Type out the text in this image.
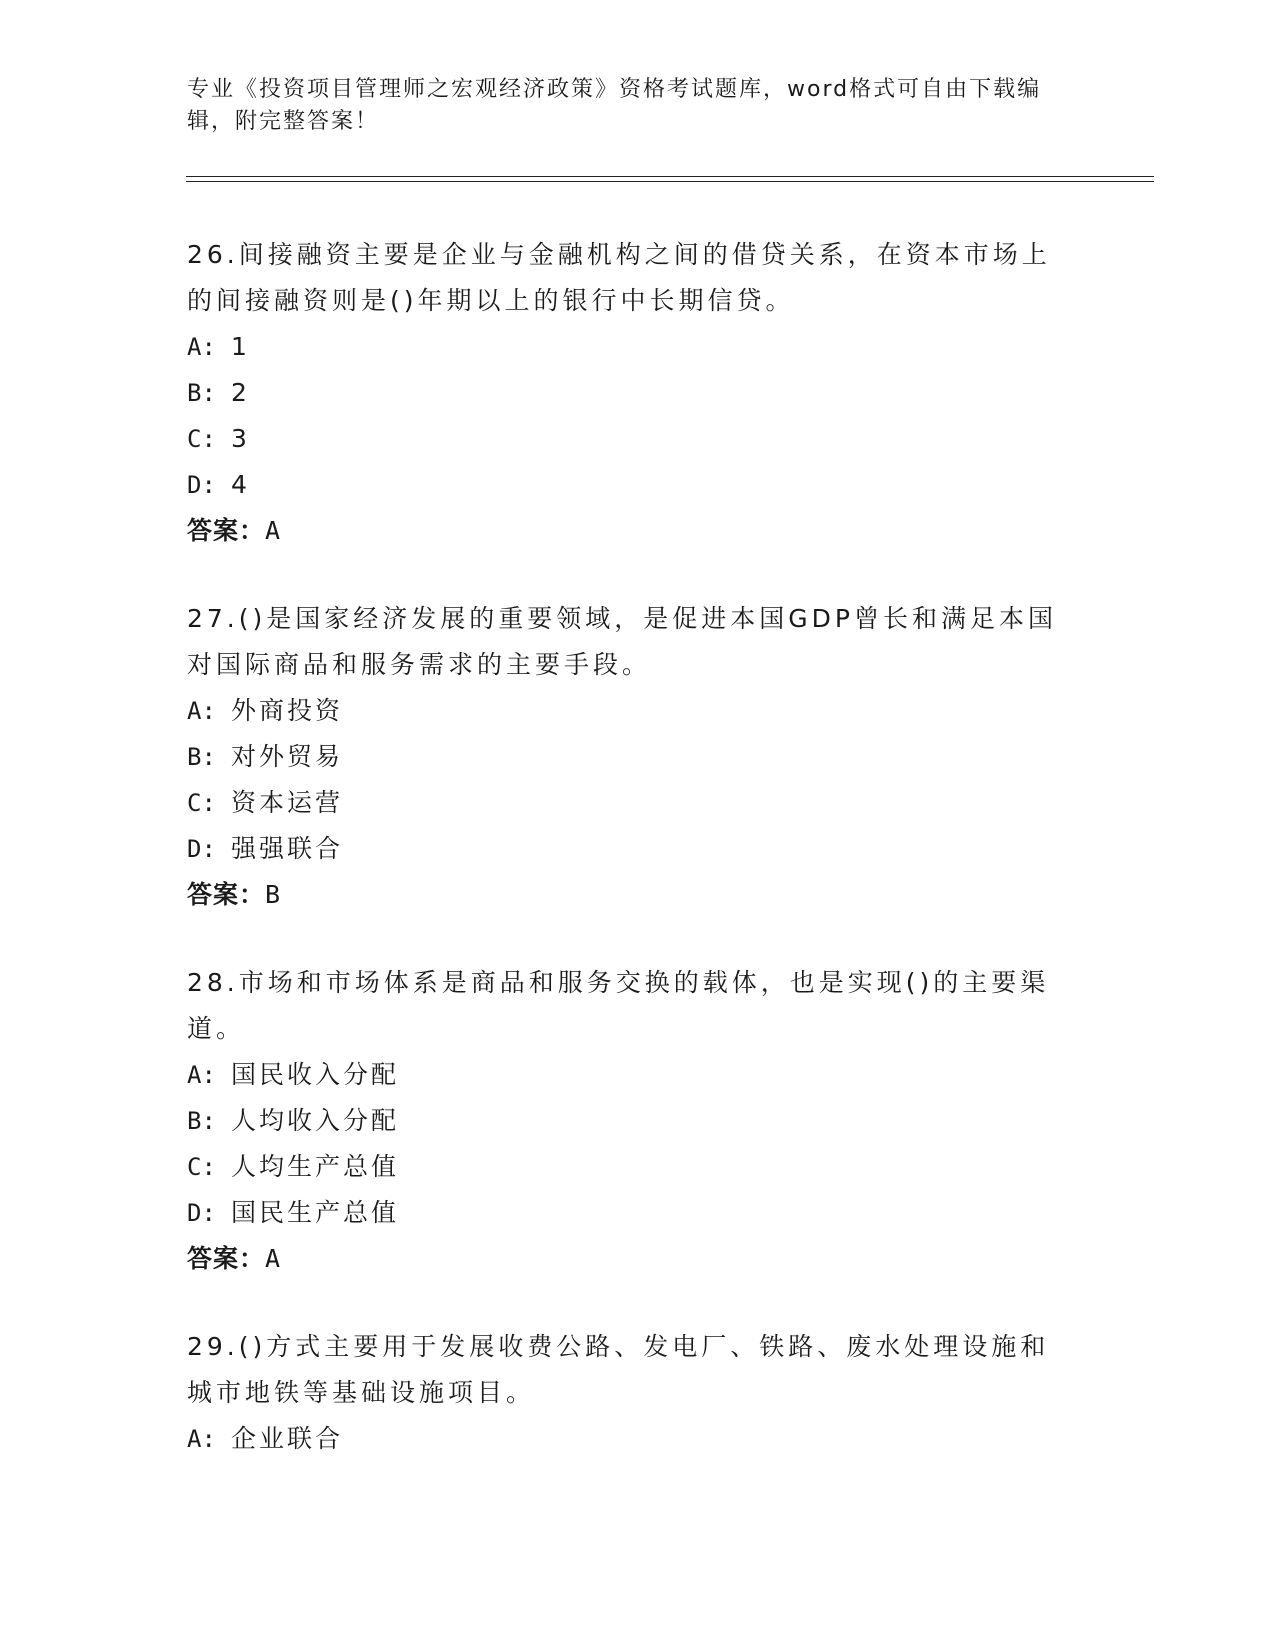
专业《投资项目管理师之宏观经济政策》资格考试题库，word格式可自由下载编辑，附完整答案！
26.间接融资主要是企业与金融机构之间的借贷关系，在资本市场上的间接融资则是()年期以上的银行中长期信贷。
A: 1
B: 2
C: 3
D: 4
答案：A
27.()是国家经济发展的重要领域，是促进本国GDP曾长和满足本国对国际商品和服务需求的主要手段。
A: 外商投资
B: 对外贸易
C: 资本运营
D: 强强联合
答案：B
28.市场和市场体系是商品和服务交换的载体，也是实现()的主要渠道。
A: 国民收入分配
B: 人均收入分配
C: 人均生产总值
D: 国民生产总值
答案：A
29.()方式主要用于发展收费公路、发电厂、铁路、废水处理设施和城市地铁等基础设施项目。
A: 企业联合
